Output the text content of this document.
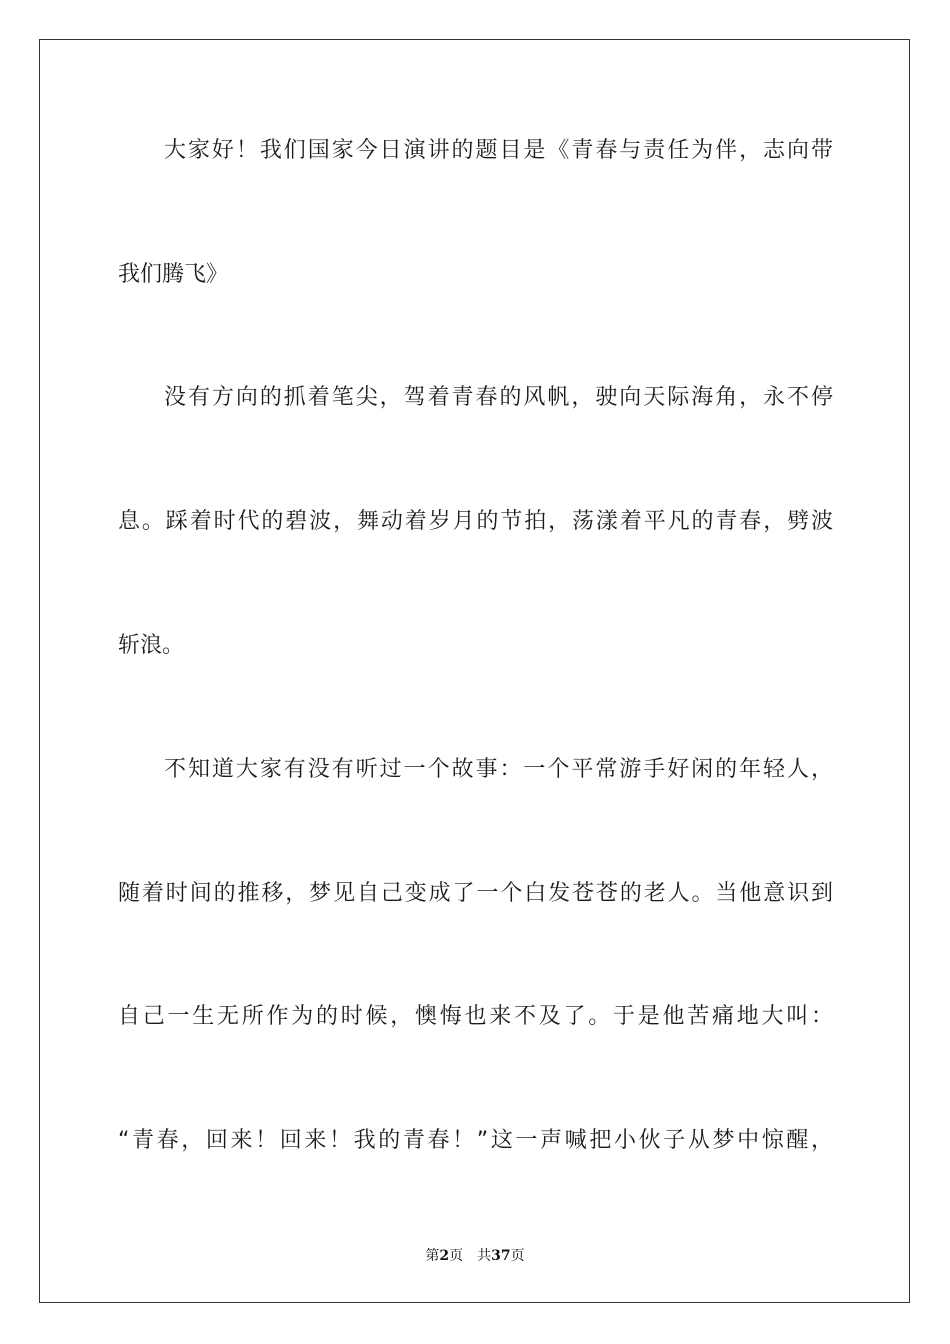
大家好！我们国家今日演讲的题目是《青春与责任为伴，志向带
我们腾飞》
没有方向的抓着笔尖，驾着青春的风帆，驶向天际海角，永不停
息。踩着时代的碧波，舞动着岁月的节拍，荡漾着平凡的青春，劈波
斩浪。
不知道大家有没有听过一个故事：一个平常游手好闲的年轻人，
随着时间的推移，梦见自己变成了一个白发苍苍的老人。当他意识到
自己一生无所作为的时候，懊悔也来不及了。于是他苦痛地大叫：
“青春，回来！回来！我的青春！”这一声喊把小伙子从梦中惊醒，
第2页 共37页
